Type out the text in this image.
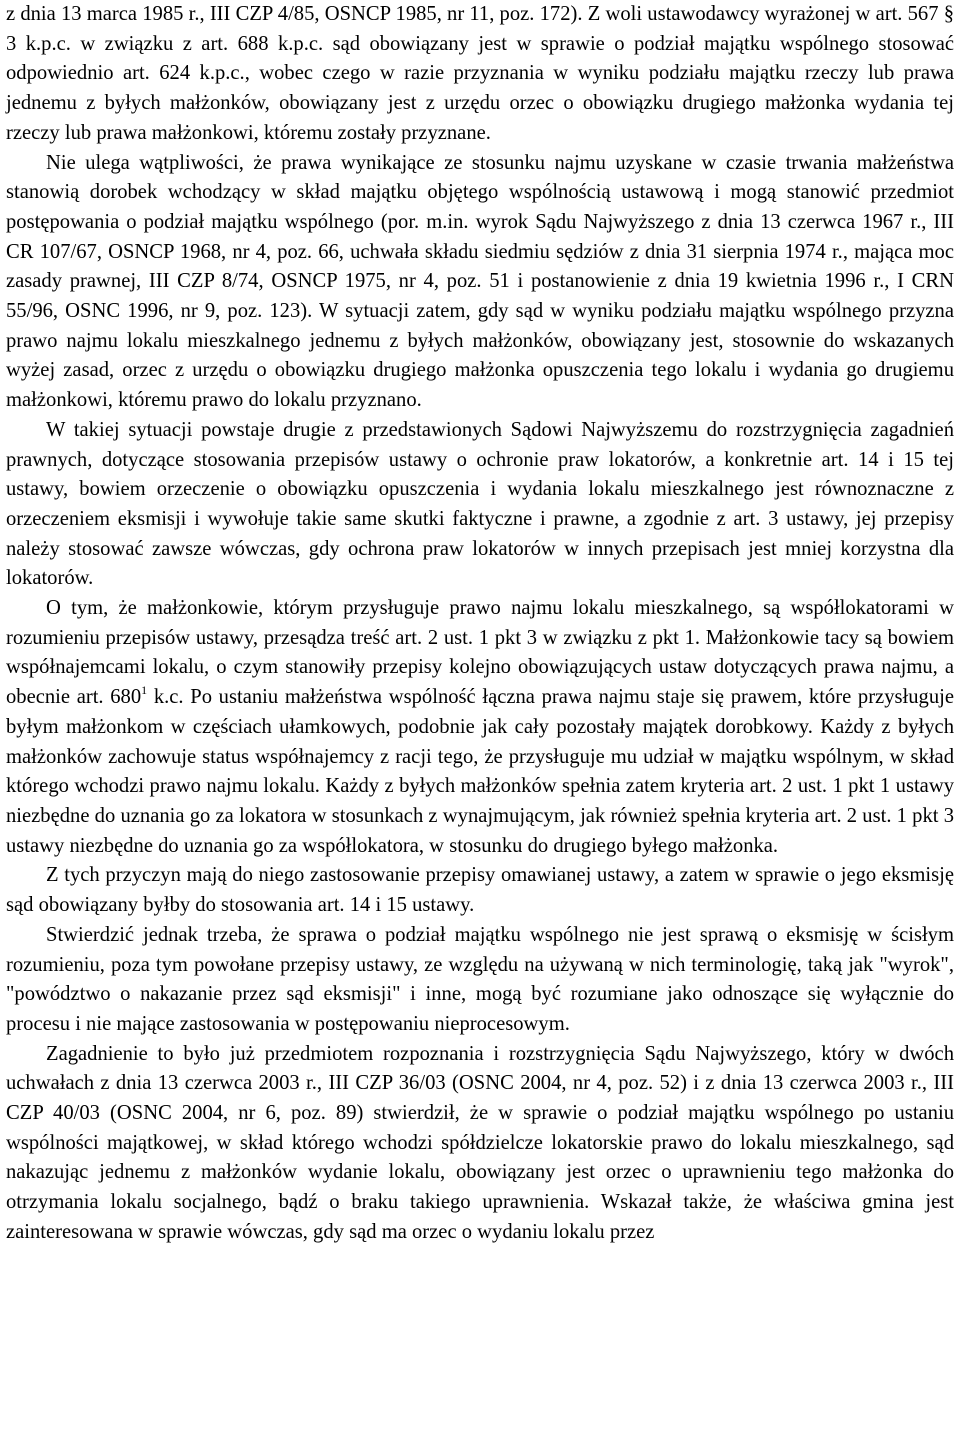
z dnia 13 marca 1985 r., III CZP 4/85, OSNCP 1985, nr 11, poz. 172). Z woli ustawodawcy wyrażonej w art. 567 § 3 k.p.c. w związku z art. 688 k.p.c. sąd obowiązany jest w sprawie o podział majątku wspólnego stosować odpowiednio art. 624 k.p.c., wobec czego w razie przyznania w wyniku podziału majątku rzeczy lub prawa jednemu z byłych małżonków, obowiązany jest z urzędu orzec o obowiązku drugiego małżonka wydania tej rzeczy lub prawa małżonkowi, któremu zostały przyznane.

Nie ulega wątpliwości, że prawa wynikające ze stosunku najmu uzyskane w czasie trwania małżeństwa stanowią dorobek wchodzący w skład majątku objętego wspólnością ustawową i mogą stanowić przedmiot postępowania o podział majątku wspólnego (por. m.in. wyrok Sądu Najwyższego z dnia 13 czerwca 1967 r., III CR 107/67, OSNCP 1968, nr 4, poz. 66, uchwała składu siedmiu sędziów z dnia 31 sierpnia 1974 r., mająca moc zasady prawnej, III CZP 8/74, OSNCP 1975, nr 4, poz. 51 i postanowienie z dnia 19 kwietnia 1996 r., I CRN 55/96, OSNC 1996, nr 9, poz. 123). W sytuacji zatem, gdy sąd w wyniku podziału majątku wspólnego przyzna prawo najmu lokalu mieszkalnego jednemu z byłych małżonków, obowiązany jest, stosownie do wskazanych wyżej zasad, orzec z urzędu o obowiązku drugiego małżonka opuszczenia tego lokalu i wydania go drugiemu małżonkowi, któremu prawo do lokalu przyznano.

W takiej sytuacji powstaje drugie z przedstawionych Sądowi Najwyższemu do rozstrzygnięcia zagadnień prawnych, dotyczące stosowania przepisów ustawy o ochronie praw lokatorów, a konkretnie art. 14 i 15 tej ustawy, bowiem orzeczenie o obowiązku opuszczenia i wydania lokalu mieszkalnego jest równoznaczne z orzeczeniem eksmisji i wywołuje takie same skutki faktyczne i prawne, a zgodnie z art. 3 ustawy, jej przepisy należy stosować zawsze wówczas, gdy ochrona praw lokatorów w innych przepisach jest mniej korzystna dla lokatorów.

O tym, że małżonkowie, którym przysługuje prawo najmu lokalu mieszkalnego, są współlokatorami w rozumieniu przepisów ustawy, przesądza treść art. 2 ust. 1 pkt 3 w związku z pkt 1. Małżonkowie tacy są bowiem współnajemcami lokalu, o czym stanowiły przepisy kolejno obowiązujących ustaw dotyczących prawa najmu, a obecnie art. $680^1$ k.c. Po ustaniu małżeństwa wspólność łączna prawa najmu staje się prawem, które przysługuje byłym małżonkom w częściach ułamkowych, podobnie jak cały pozostały majątek dorobkowy. Każdy z byłych małżonków zachowuje status współnajemcy z racji tego, że przysługuje mu udział w majątku wspólnym, w skład którego wchodzi prawo najmu lokalu. Każdy z byłych małżonków spełnia zatem kryteria art. 2 ust. 1 pkt 1 ustawy niezbędne do uznania go za lokatora w stosunkach z wynajmującym, jak również spełnia kryteria art. 2 ust. 1 pkt 3 ustawy niezbędne do uznania go za współlokatora, w stosunku do drugiego byłego małżonka.

Z tych przyczyn mają do niego zastosowanie przepisy omawianej ustawy, a zatem w sprawie o jego eksmisję sąd obowiązany byłby do stosowania art. 14 i 15 ustawy.

Stwierdzić jednak trzeba, że sprawa o podział majątku wspólnego nie jest sprawą o eksmisję w ścisłym rozumieniu, poza tym powołane przepisy ustawy, ze względu na używaną w nich terminologię, taką jak "wyrok", "powództwo o nakazanie przez sąd eksmisji" i inne, mogą być rozumiane jako odnoszące się wyłącznie do procesu i nie mające zastosowania w postępowaniu nieprocesowym.

Zagadnienie to było już przedmiotem rozpoznania i rozstrzygnięcia Sądu Najwyższego, który w dwóch uchwałach z dnia 13 czerwca 2003 r., III CZP 36/03 (OSNC 2004, nr 4, poz. 52) i z dnia 13 czerwca 2003 r., III CZP 40/03 (OSNC 2004, nr 6, poz. 89) stwierdził, że w sprawie o podział majątku wspólnego po ustaniu wspólności majątkowej, w skład którego wchodzi spółdzielcze lokatorskie prawo do lokalu mieszkalnego, sąd nakazując jednemu z małżonków wydanie lokalu, obowiązany jest orzec o uprawnieniu tego małżonka do otrzymania lokalu socjalnego, bądź o braku takiego uprawnienia. Wskazał także, że właściwa gmina jest zainteresowana w sprawie wówczas, gdy sąd ma orzec o wydaniu lokalu przez
